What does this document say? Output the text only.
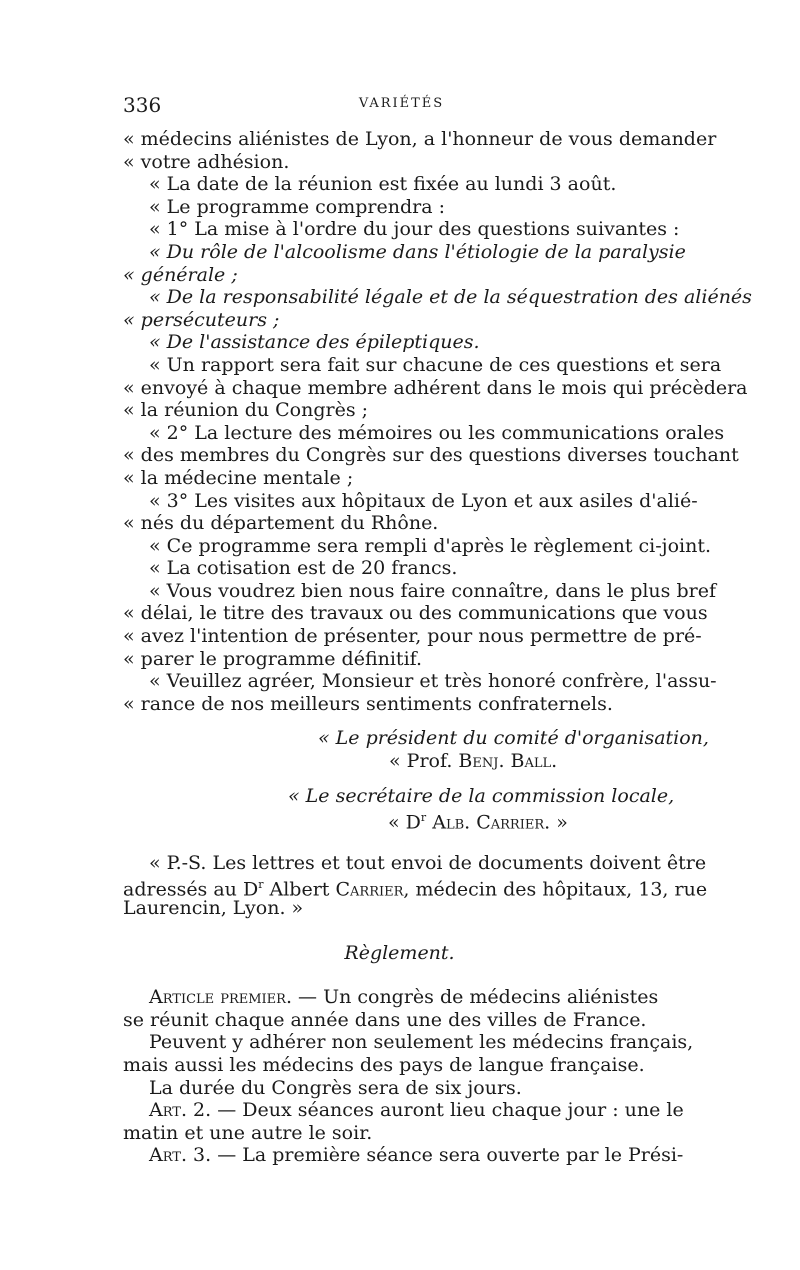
336	VARIÉTÉS
« médecins aliénistes de Lyon, a l'honneur de vous demander
« votre adhésion.
« La date de la réunion est fixée au lundi 3 août.
« Le programme comprendra :
« 1° La mise à l'ordre du jour des questions suivantes :
« Du rôle de l'alcoolisme dans l'étiologie de la paralysie
« générale ;
« De la responsabilité légale et de la séquestration des aliénés
« persécuteurs ;
« De l'assistance des épileptiques.
« Un rapport sera fait sur chacune de ces questions et sera
« envoyé à chaque membre adhérent dans le mois qui précèdera
« la réunion du Congrès ;
« 2° La lecture des mémoires ou les communications orales
« des membres du Congrès sur des questions diverses touchant
« la médecine mentale ;
« 3° Les visites aux hôpitaux de Lyon et aux asiles d'alié-
« nés du département du Rhône.
« Ce programme sera rempli d'après le règlement ci-joint.
« La cotisation est de 20 francs.
« Vous voudrez bien nous faire connaître, dans le plus bref
« délai, le titre des travaux ou des communications que vous
« avez l'intention de présenter, pour nous permettre de pré-
« parer le programme définitif.
« Veuillez agréer, Monsieur et très honoré confrère, l'assu-
« rance de nos meilleurs sentiments confraternels.
« Le président du comité d'organisation,
« Prof. Benj. Ball.
« Le secrétaire de la commission locale,
« $D^r$ Alb. Carrier. »
« P.-S. Les lettres et tout envoi de documents doivent être
adressés au $D^r$ Albert Carrier, médecin des hôpitaux, 13, rue
Laurencin, Lyon. »
Règlement.
Article premier. — Un congrès de médecins aliénistes
se réunit chaque année dans une des villes de France.
Peuvent y adhérer non seulement les médecins français,
mais aussi les médecins des pays de langue française.
La durée du Congrès sera de six jours.
Art. 2. — Deux séances auront lieu chaque jour : une le
matin et une autre le soir.
Art. 3. — La première séance sera ouverte par le Prési-
